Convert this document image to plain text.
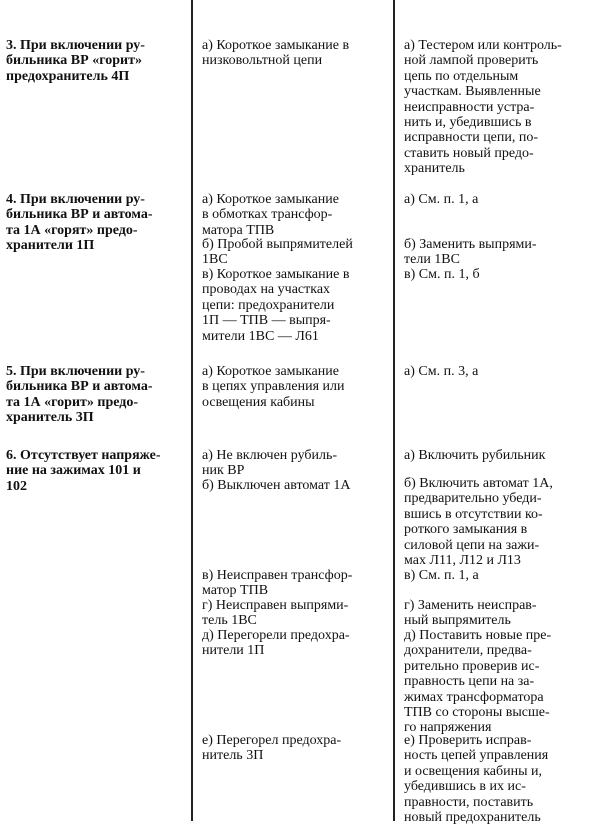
3. При включении ру-
бильника ВР «горит»
предохранитель 4П
а) Короткое замыкание в
низковольтной цепи
а) Тестером или контроль-
ной лампой проверить
цепь по отдельным
участкам. Выявленные
неисправности устра-
нить и, убедившись в
исправности цепи, по-
ставить новый предо-
хранитель
4. При включении ру-
бильника ВР и автома-
та 1А «горят» предо-
хранители 1П
а) Короткое замыкание
в обмотках трансфор-
матора ТПВ
б) Пробой выпрямителей
1ВС
в) Короткое замыкание в
проводах на участках
цепи: предохранители
1П — ТПВ — выпря-
мители 1ВС — Л61
а) См. п. 1, а
б) Заменить выпрями-
тели 1ВС
в) См. п. 1, б
5. При включении ру-
бильника ВР и автома-
та 1А «горит» предо-
хранитель 3П
а) Короткое замыкание
в цепях управления или
освещения кабины
а) См. п. 3, а
6. Отсутствует напряже-
ние на зажимах 101 и
102
а) Не включен рубиль-
ник ВР
б) Выключен автомат 1А
в) Неисправен трансфор-
матор ТПВ
г) Неисправен выпрями-
тель 1ВС
д) Перегорели предохра-
нители 1П
е) Перегорел предохра-
нитель 3П
а) Включить рубильник
б) Включить автомат 1А,
предварительно убеди-
вшись в отсутствии ко-
роткого замыкания в
силовой цепи на зажи-
мах Л11, Л12 и Л13
в) См. п. 1, а
г) Заменить неисправ-
ный выпрямитель
д) Поставить новые пре-
дохранители, предва-
рительно проверив ис-
правность цепи на за-
жимах трансформатора
ТПВ со стороны высше-
го напряжения
е) Проверить исправ-
ность цепей управления
и освещения кабины и,
убедившись в их ис-
правности, поставить
новый предохранитель
